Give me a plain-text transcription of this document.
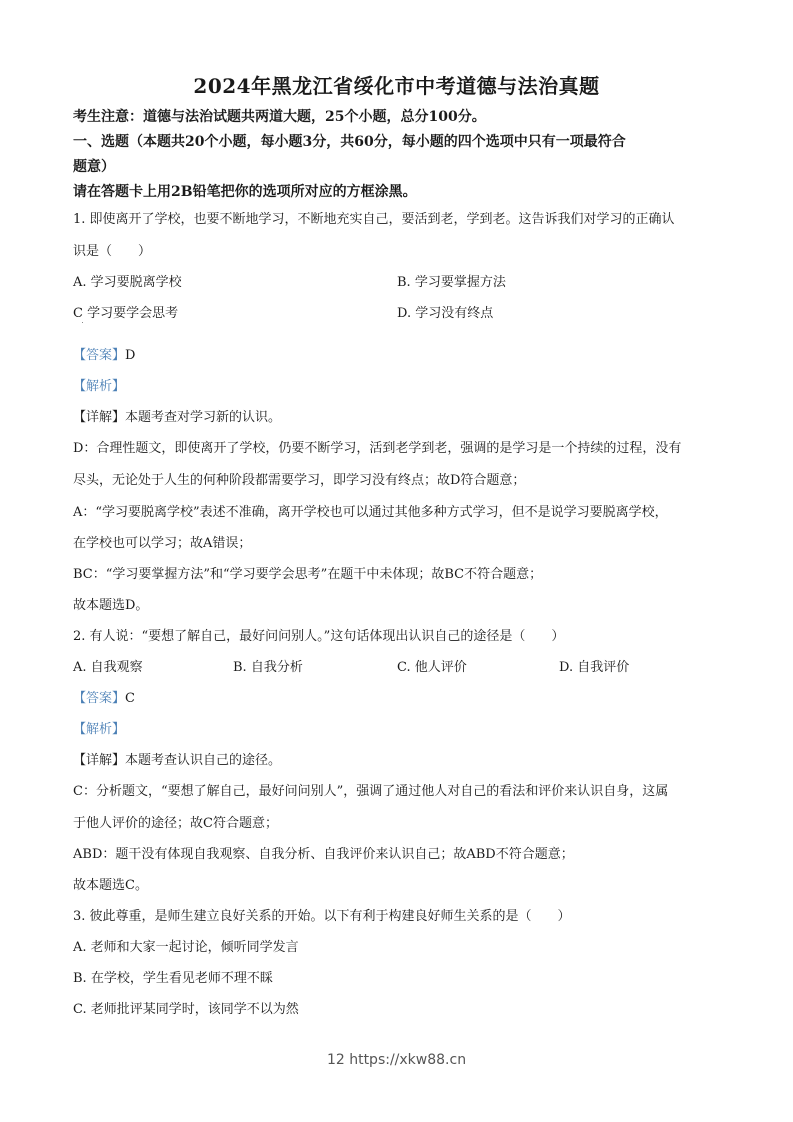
2024年黑龙江省绥化市中考道德与法治真题
考生注意：道德与法治试题共两道大题，25个小题，总分100分。
一、选题（本题共20个小题，每小题3分，共60分，每小题的四个选项中只有一项最符合
题意）
请在答题卡上用2B铅笔把你的选项所对应的方框涂黑。
1. 即使离开了学校，也要不断地学习，不断地充实自己，要活到老，学到老。这告诉我们对学习的正确认
识是（　　）
A. 学习要脱离学校	B. 学习要掌握方法
C 学习要学会思考	D. 学习没有终点
【答案】D
【解析】
【详解】本题考查对学习新的认识。
D：合理性题文，即使离开了学校，仍要不断学习，活到老学到老，强调的是学习是一个持续的过程，没有
尽头，无论处于人生的何种阶段都需要学习，即学习没有终点；故D符合题意；
A：“学习要脱离学校”表述不准确，离开学校也可以通过其他多种方式学习，但不是说学习要脱离学校，
在学校也可以学习；故A错误；
BC：“学习要掌握方法”和“学习要学会思考”在题干中未体现；故BC不符合题意；
故本题选D。
2. 有人说：“要想了解自己，最好问问别人。”这句话体现出认识自己的途径是（　　）
A. 自我观察	B. 自我分析	C. 他人评价	D. 自我评价
【答案】C
【解析】
【详解】本题考查认识自己的途径。
C：分析题文，“要想了解自己，最好问问别人”，强调了通过他人对自己的看法和评价来认识自身，这属
于他人评价的途径；故C符合题意；
ABD：题干没有体现自我观察、自我分析、自我评价来认识自己；故ABD不符合题意；
故本题选C。
3. 彼此尊重，是师生建立良好关系的开始。以下有利于构建良好师生关系的是（　　）
A. 老师和大家一起讨论，倾听同学发言
B. 在学校，学生看见老师不理不睬
C. 老师批评某同学时，该同学不以为然
12 https://xkw88.cn
